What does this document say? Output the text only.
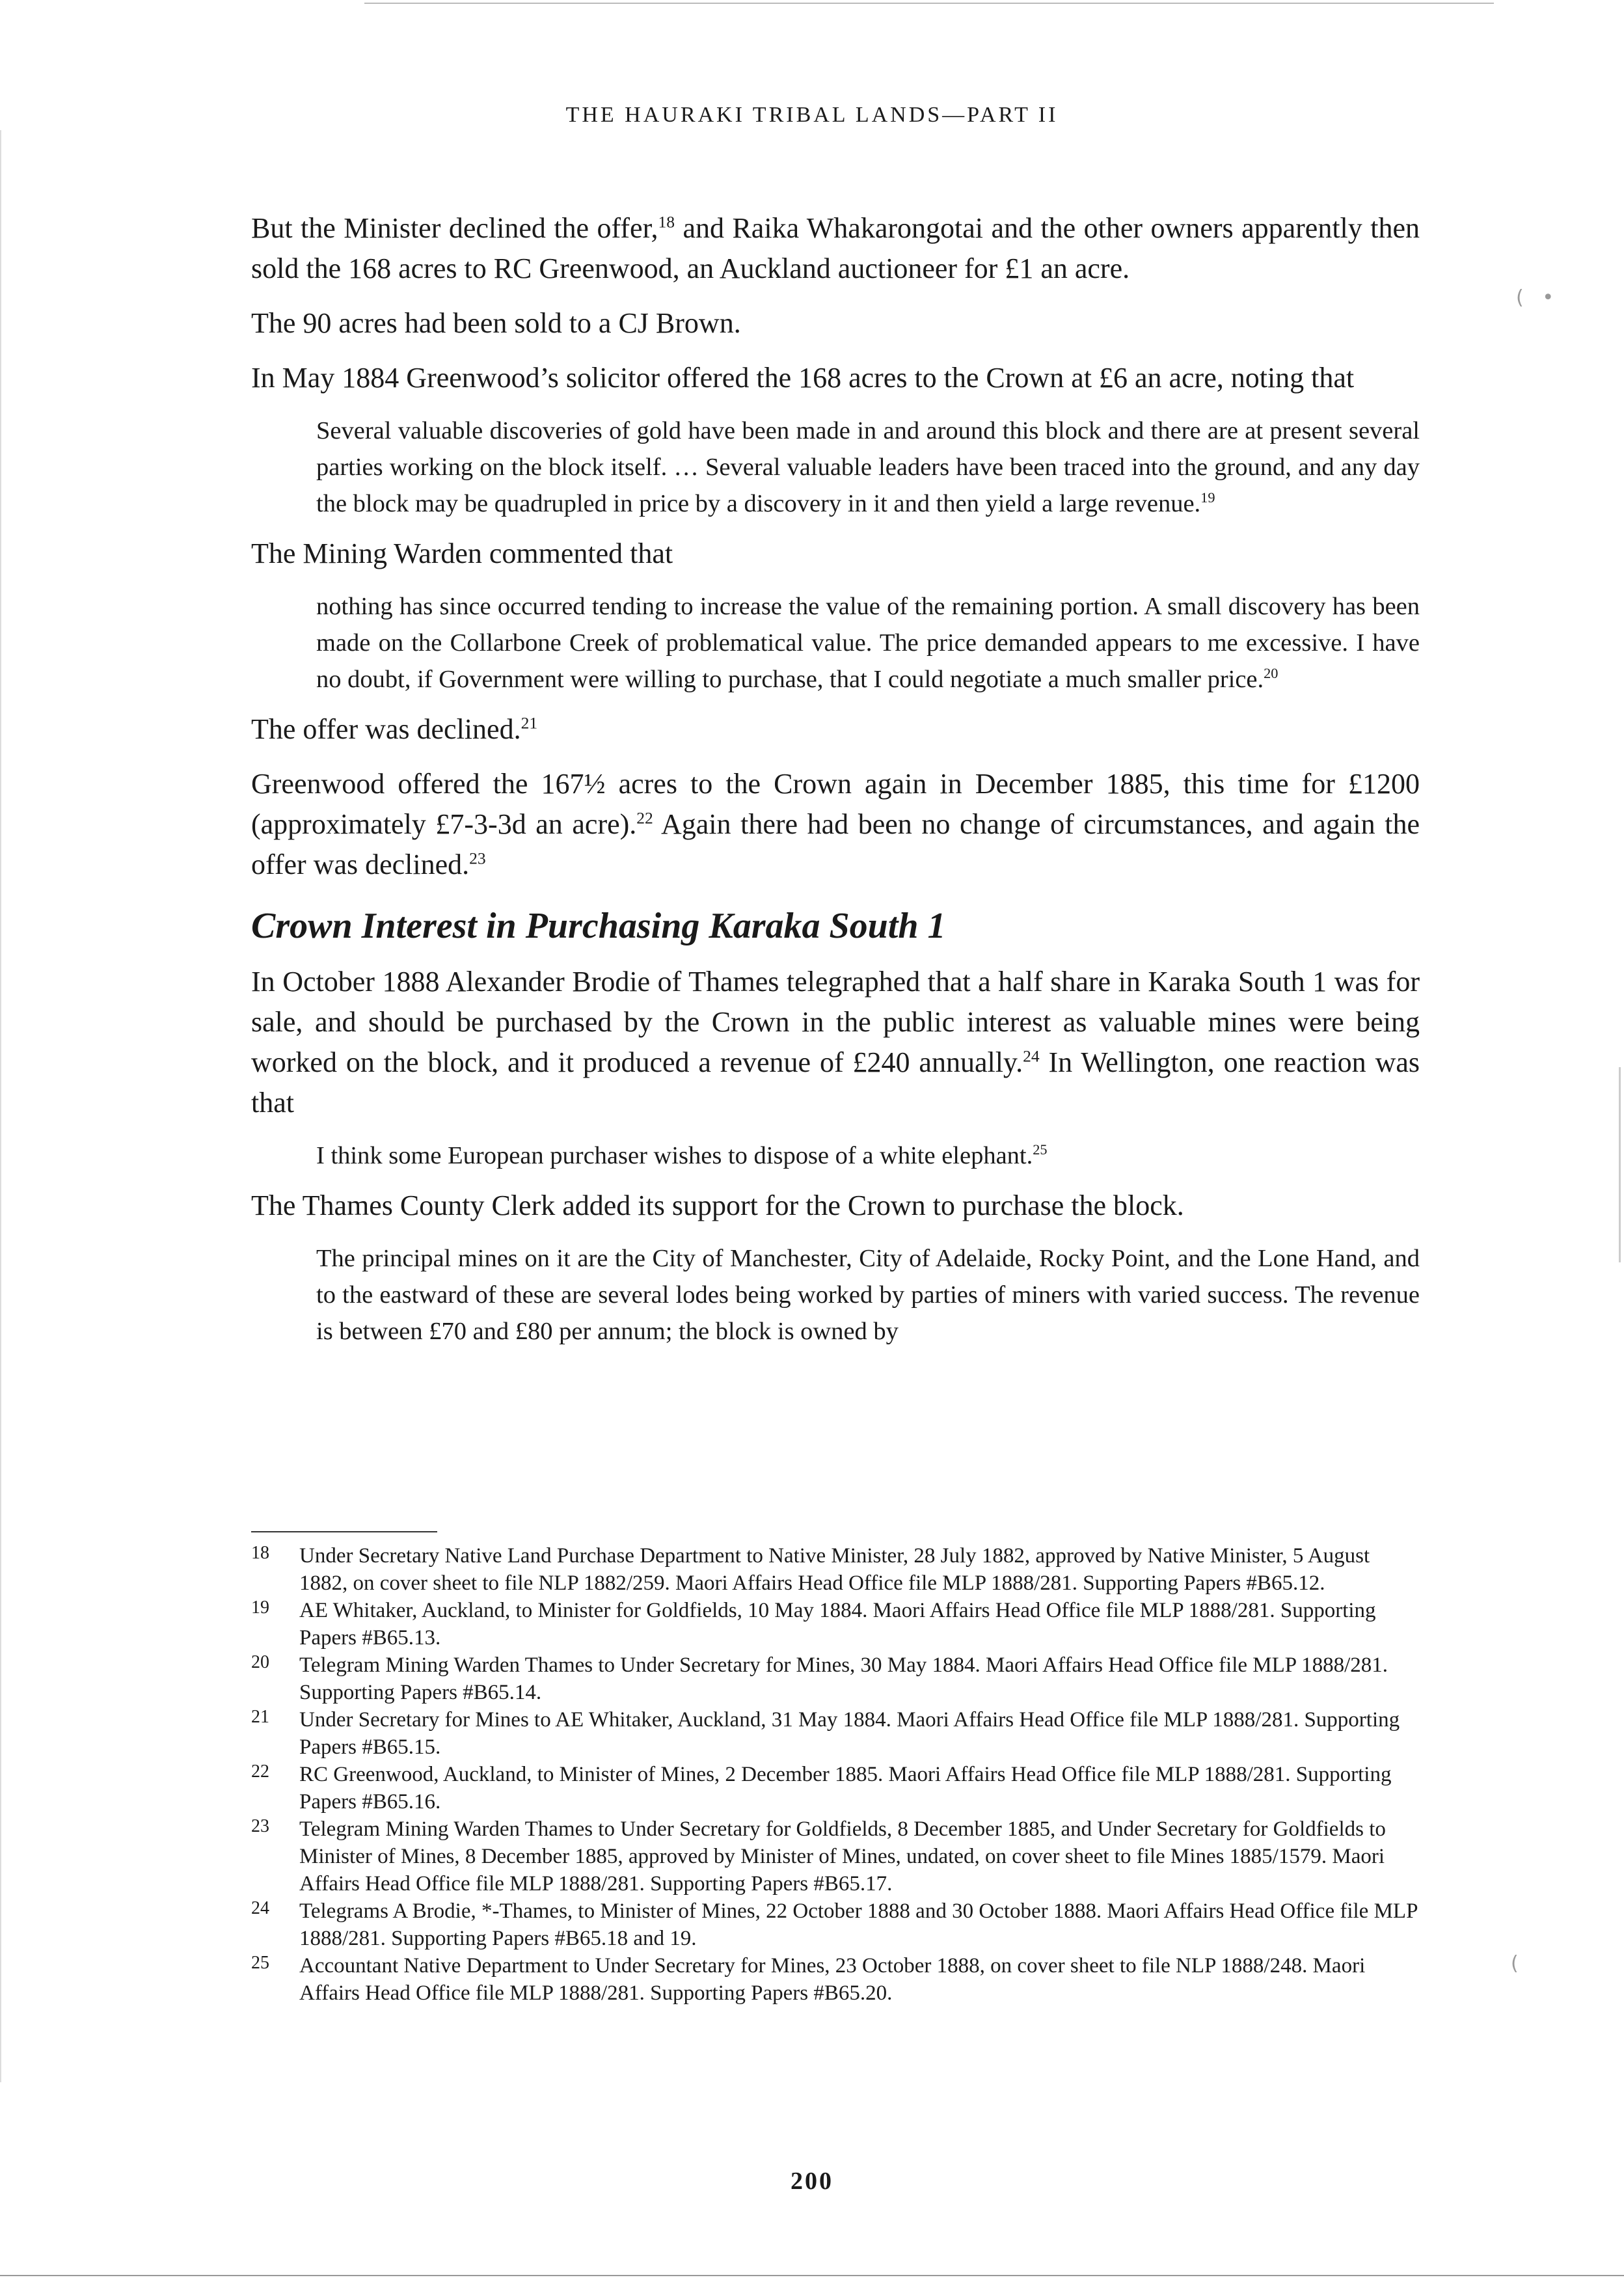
(   •
(
THE HAURAKI TRIBAL LANDS—PART II

But the Minister declined the offer,$^{18}$ and Raika Whakarongotai and the other owners apparently then sold the 168 acres to RC Greenwood, an Auckland auctioneer for £1 an acre.

The 90 acres had been sold to a CJ Brown.

In May 1884 Greenwood’s solicitor offered the 168 acres to the Crown at £6 an acre, noting that

Several valuable discoveries of gold have been made in and around this block and there are at present several parties working on the block itself. … Several valuable leaders have been traced into the ground, and any day the block may be quadrupled in price by a discovery in it and then yield a large revenue.$^{19}$

The Mining Warden commented that

nothing has since occurred tending to increase the value of the remaining portion. A small discovery has been made on the Collarbone Creek of problematical value. The price demanded appears to me excessive. I have no doubt, if Government were willing to purchase, that I could negotiate a much smaller price.$^{20}$

The offer was declined.$^{21}$

Greenwood offered the 167½ acres to the Crown again in December 1885, this time for £1200 (approximately £7-3-3d an acre).$^{22}$ Again there had been no change of circumstances, and again the offer was declined.$^{23}$

Crown Interest in Purchasing Karaka South 1

In October 1888 Alexander Brodie of Thames telegraphed that a half share in Karaka South 1 was for sale, and should be purchased by the Crown in the public interest as valuable mines were being worked on the block, and it produced a revenue of £240 annually.$^{24}$ In Wellington, one reaction was that

I think some European purchaser wishes to dispose of a white elephant.$^{25}$

The Thames County Clerk added its support for the Crown to purchase the block.

The principal mines on it are the City of Manchester, City of Adelaide, Rocky Point, and the Lone Hand, and to the eastward of these are several lodes being worked by parties of miners with varied success. The revenue is between £70 and £80 per annum; the block is owned by

18	Under Secretary Native Land Purchase Department to Native Minister, 28 July 1882, approved by Native Minister, 5 August 1882, on cover sheet to file NLP 1882/259. Maori Affairs Head Office file MLP 1888/281. Supporting Papers #B65.12.
19	AE Whitaker, Auckland, to Minister for Goldfields, 10 May 1884. Maori Affairs Head Office file MLP 1888/281. Supporting Papers #B65.13.
20	Telegram Mining Warden Thames to Under Secretary for Mines, 30 May 1884. Maori Affairs Head Office file MLP 1888/281. Supporting Papers #B65.14.
21	Under Secretary for Mines to AE Whitaker, Auckland, 31 May 1884. Maori Affairs Head Office file MLP 1888/281. Supporting Papers #B65.15.
22	RC Greenwood, Auckland, to Minister of Mines, 2 December 1885. Maori Affairs Head Office file MLP 1888/281. Supporting Papers #B65.16.
23	Telegram Mining Warden Thames to Under Secretary for Goldfields, 8 December 1885, and Under Secretary for Goldfields to Minister of Mines, 8 December 1885, approved by Minister of Mines, undated, on cover sheet to file Mines 1885/1579. Maori Affairs Head Office file MLP 1888/281. Supporting Papers #B65.17.
24	Telegrams A Brodie, *-Thames, to Minister of Mines, 22 October 1888 and 30 October 1888. Maori Affairs Head Office file MLP 1888/281. Supporting Papers #B65.18 and 19.
25	Accountant Native Department to Under Secretary for Mines, 23 October 1888, on cover sheet to file NLP 1888/248. Maori Affairs Head Office file MLP 1888/281. Supporting Papers #B65.20.
200
